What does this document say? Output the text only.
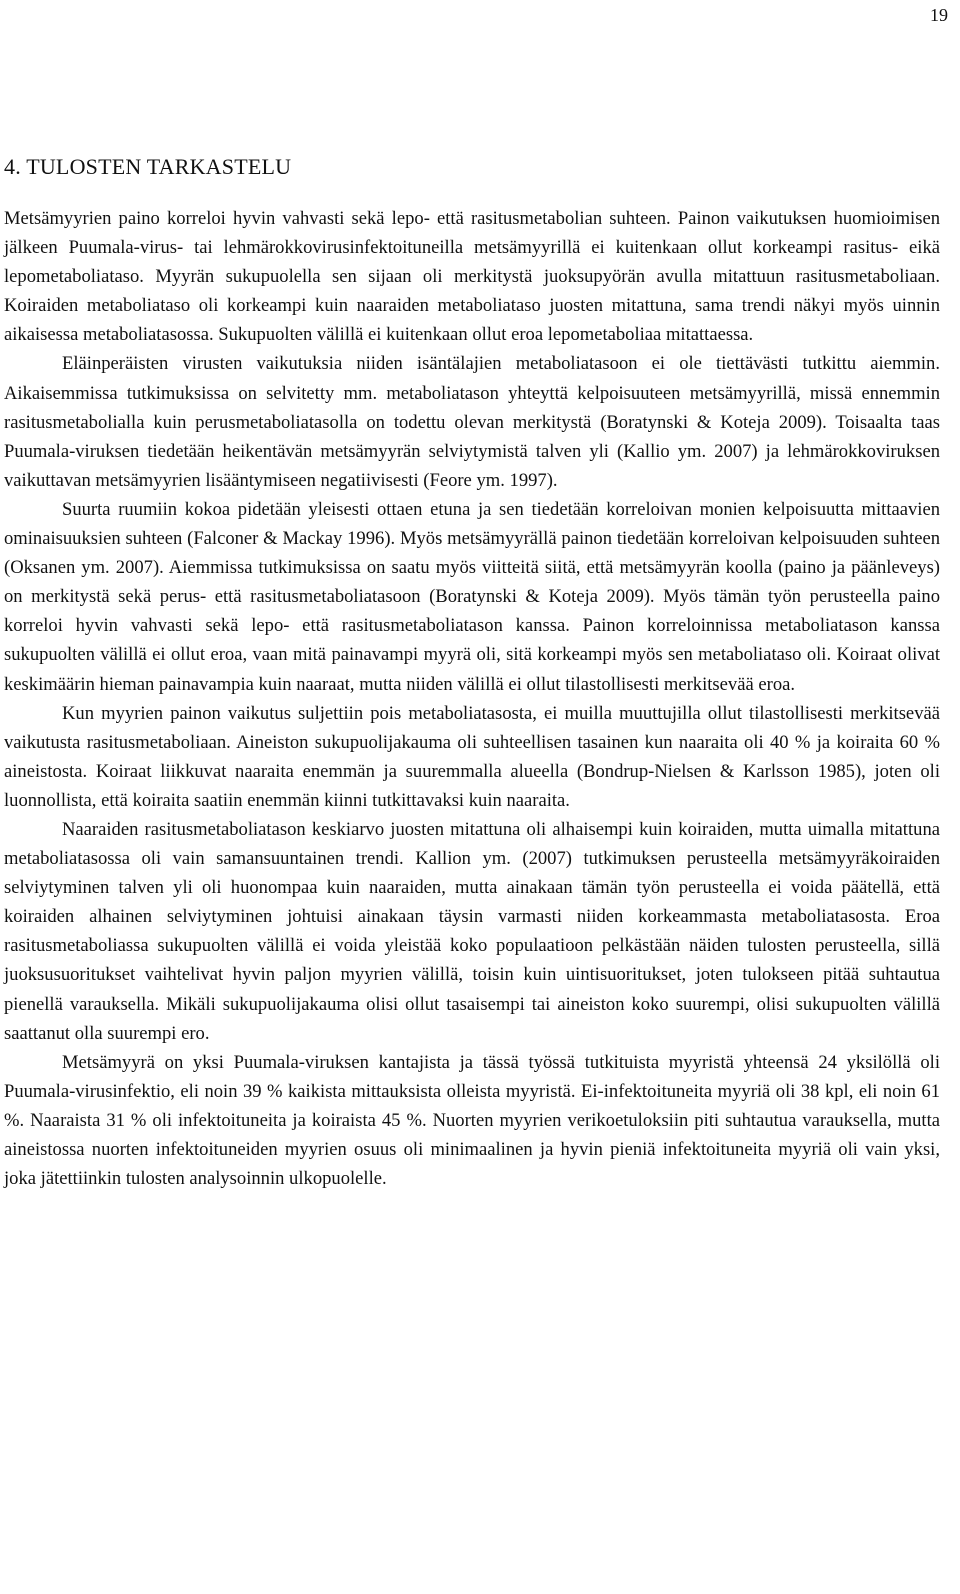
19
4. TULOSTEN TARKASTELU

Metsämyyrien paino korreloi hyvin vahvasti sekä lepo- että rasitusmetabolian suhteen. Painon vaikutuksen huomioimisen jälkeen Puumala-virus- tai lehmärokkovirusinfektoituneilla metsämyyrillä ei kuitenkaan ollut korkeampi rasitus- eikä lepometaboliataso. Myyrän sukupuolella sen sijaan oli merkitystä juoksupyörän avulla mitattuun rasitusmetaboliaan. Koiraiden metaboliataso oli korkeampi kuin naaraiden metaboliataso juosten mitattuna, sama trendi näkyi myös uinnin aikaisessa metaboliatasossa. Sukupuolten välillä ei kuitenkaan ollut eroa lepometaboliaa mitattaessa.

Eläinperäisten virusten vaikutuksia niiden isäntälajien metaboliatasoon ei ole tiettävästi tutkittu aiemmin. Aikaisemmissa tutkimuksissa on selvitetty mm. metaboliatason yhteyttä kelpoisuuteen metsämyyrillä, missä ennemmin rasitusmetabolialla kuin perusmetaboliatasolla on todettu olevan merkitystä (Boratynski & Koteja 2009). Toisaalta taas Puumala-viruksen tiedetään heikentävän metsämyyrän selviytymistä talven yli (Kallio ym. 2007) ja lehmärokkoviruksen vaikuttavan metsämyyrien lisääntymiseen negatiivisesti (Feore ym. 1997).

Suurta ruumiin kokoa pidetään yleisesti ottaen etuna ja sen tiedetään korreloivan monien kelpoisuutta mittaavien ominaisuuksien suhteen (Falconer & Mackay 1996). Myös metsämyyrällä painon tiedetään korreloivan kelpoisuuden suhteen (Oksanen ym. 2007). Aiemmissa tutkimuksissa on saatu myös viitteitä siitä, että metsämyyrän koolla (paino ja päänleveys) on merkitystä sekä perus- että rasitusmetaboliatasoon (Boratynski & Koteja 2009). Myös tämän työn perusteella paino korreloi hyvin vahvasti sekä lepo- että rasitusmetaboliatason kanssa. Painon korreloinnissa metaboliatason kanssa sukupuolten välillä ei ollut eroa, vaan mitä painavampi myyrä oli, sitä korkeampi myös sen metaboliataso oli. Koiraat olivat keskimäärin hieman painavampia kuin naaraat, mutta niiden välillä ei ollut tilastollisesti merkitsevää eroa.

Kun myyrien painon vaikutus suljettiin pois metaboliatasosta, ei muilla muuttujilla ollut tilastollisesti merkitsevää vaikutusta rasitusmetaboliaan. Aineiston sukupuolijakauma oli suhteellisen tasainen kun naaraita oli 40 % ja koiraita 60 % aineistosta. Koiraat liikkuvat naaraita enemmän ja suuremmalla alueella (Bondrup-Nielsen & Karlsson 1985), joten oli luonnollista, että koiraita saatiin enemmän kiinni tutkittavaksi kuin naaraita.

Naaraiden rasitusmetaboliatason keskiarvo juosten mitattuna oli alhaisempi kuin koiraiden, mutta uimalla mitattuna metaboliatasossa oli vain samansuuntainen trendi. Kallion ym. (2007) tutkimuksen perusteella metsämyyräkoiraiden selviytyminen talven yli oli huonompaa kuin naaraiden, mutta ainakaan tämän työn perusteella ei voida päätellä, että koiraiden alhainen selviytyminen johtuisi ainakaan täysin varmasti niiden korkeammasta metaboliatasosta. Eroa rasitusmetaboliassa sukupuolten välillä ei voida yleistää koko populaatioon pelkästään näiden tulosten perusteella, sillä juoksusuoritukset vaihtelivat hyvin paljon myyrien välillä, toisin kuin uintisuoritukset, joten tulokseen pitää suhtautua pienellä varauksella. Mikäli sukupuolijakauma olisi ollut tasaisempi tai aineiston koko suurempi, olisi sukupuolten välillä saattanut olla suurempi ero.

Metsämyyrä on yksi Puumala-viruksen kantajista ja tässä työssä tutkituista myyristä yhteensä 24 yksilöllä oli Puumala-virusinfektio, eli noin 39 % kaikista mittauksista olleista myyristä. Ei-infektoituneita myyriä oli 38 kpl, eli noin 61 %. Naaraista 31 % oli infektoituneita ja koiraista 45 %. Nuorten myyrien verikoetuloksiin piti suhtautua varauksella, mutta aineistossa nuorten infektoituneiden myyrien osuus oli minimaalinen ja hyvin pieniä infektoituneita myyriä oli vain yksi, joka jätettiinkin tulosten analysoinnin ulkopuolelle.
